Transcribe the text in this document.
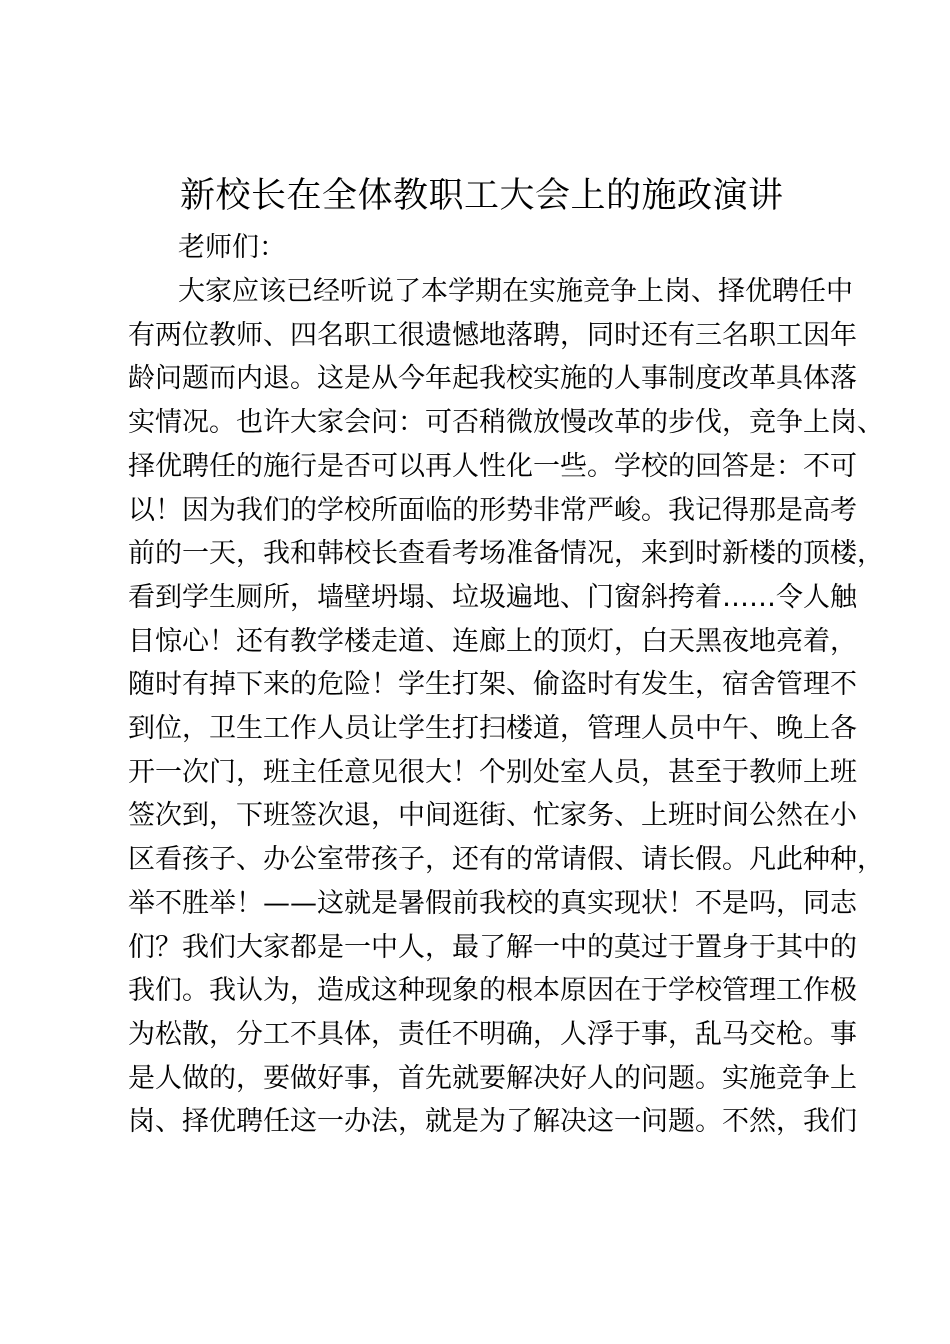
新校长在全体教职工大会上的施政演讲
老师们：
大家应该已经听说了本学期在实施竞争上岗、择优聘任中
有两位教师、四名职工很遗憾地落聘，同时还有三名职工因年
龄问题而内退。这是从今年起我校实施的人事制度改革具体落
实情况。也许大家会问：可否稍微放慢改革的步伐，竞争上岗、
择优聘任的施行是否可以再人性化一些。学校的回答是：不可
以！因为我们的学校所面临的形势非常严峻。我记得那是高考
前的一天，我和韩校长查看考场准备情况，来到时新楼的顶楼，
看到学生厕所，墙壁坍塌、垃圾遍地、门窗斜挎着……令人触
目惊心！还有教学楼走道、连廊上的顶灯，白天黑夜地亮着，
随时有掉下来的危险！学生打架、偷盗时有发生，宿舍管理不
到位，卫生工作人员让学生打扫楼道，管理人员中午、晚上各
开一次门，班主任意见很大！个别处室人员，甚至于教师上班
签次到，下班签次退，中间逛街、忙家务、上班时间公然在小
区看孩子、办公室带孩子，还有的常请假、请长假。凡此种种，
举不胜举！——这就是暑假前我校的真实现状！不是吗，同志
们？我们大家都是一中人，最了解一中的莫过于置身于其中的
我们。我认为，造成这种现象的根本原因在于学校管理工作极
为松散，分工不具体，责任不明确，人浮于事，乱马交枪。事
是人做的，要做好事，首先就要解决好人的问题。实施竞争上
岗、择优聘任这一办法，就是为了解决这一问题。不然，我们
